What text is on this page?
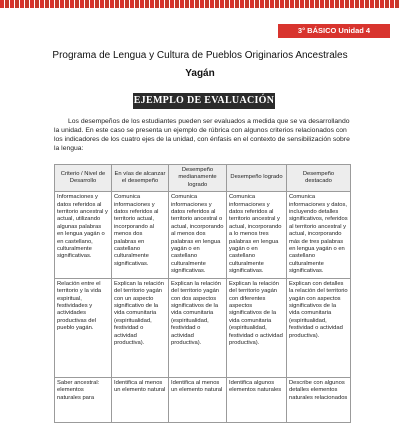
3° BÁSICO Unidad 4
Programa de Lengua y Cultura de Pueblos Originarios Ancestrales
Yagán
EJEMPLO DE EVALUACIÓN
Los desempeños de los estudiantes pueden ser evaluados a medida que se va desarrollando la unidad. En este caso se presenta un ejemplo de rúbrica con algunos criterios relacionados con los indicadores de los cuatro ejes de la unidad, con énfasis en el contexto de sensibilización sobre la lengua:
Criterio / Nivel de Desarrollo	En vías de alcanzar el desempeño	Desempeño medianamente logrado	Desempeño logrado	Desempeño destacado
Informaciones y datos referidos al territorio ancestral y actual, utilizando algunas palabras en lengua yagán o en castellano, culturalmente significativas.	Comunica informaciones y datos referidos al territorio actual, incorporando al menos dos palabras en castellano culturalmente significativas.	Comunica informaciones y datos referidos al territorio ancestral o actual, incorporando al menos dos palabras en lengua yagán o en castellano culturalmente significativas.	Comunica informaciones y datos referidos al territorio ancestral y actual, incorporando a lo menos tres palabras en lengua yagán o en castellano culturalmente significativas.	Comunica informaciones y datos, incluyendo detalles significativos, referidos al territorio ancestral y actual, incorporando más de tres palabras en lengua yagán o en castellano culturalmente significativas.
Relación entre el territorio y la vida espiritual, festividades y actividades productivas del pueblo yagán.	Explican la relación del territorio yagán con un aspecto significativo de la vida comunitaria (espiritualidad, festividad o actividad productiva).	Explican la relación del territorio yagán con dos aspectos significativos de la vida comunitaria (espiritualidad, festividad o actividad productiva).	Explican la relación del territorio yagán con diferentes aspectos significativos de la vida comunitaria (espiritualidad, festividad o actividad productiva).	Explican con detalles la relación del territorio yagán con aspectos significativos de la vida comunitaria (espiritualidad, festividad o actividad productiva).
Saber ancestral: elementos naturales para	Identifica al menos un elemento natural	Identifica al menos un elemento natural	Identifica algunos elementos naturales	Describe con algunos detalles elementos naturales relacionados
